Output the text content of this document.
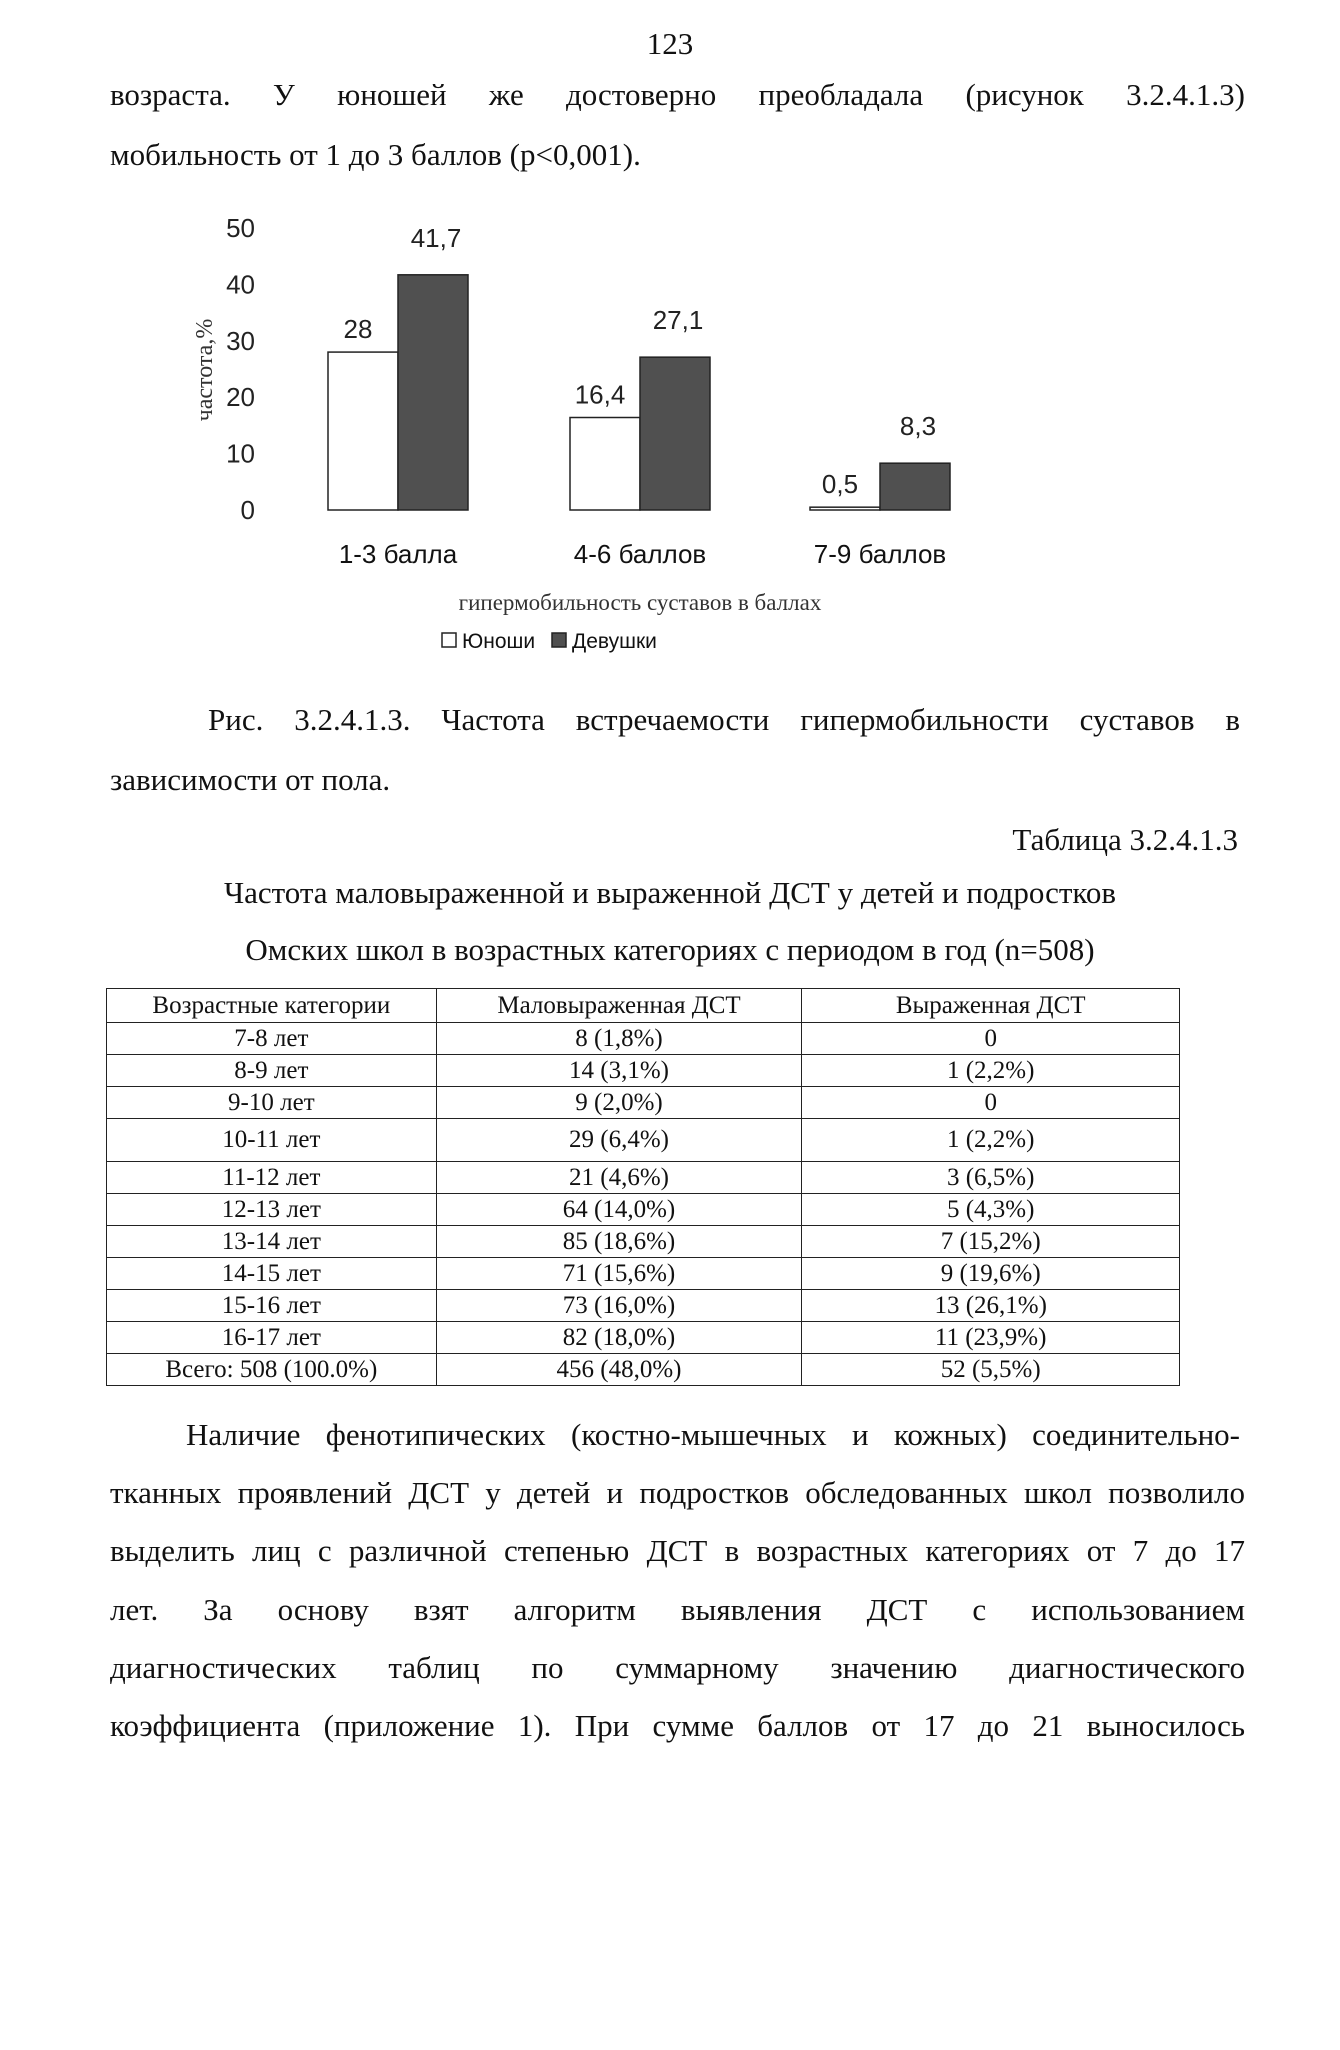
123
возраста. У юношей же достоверно преобладала (рисунок 3.2.4.1.3)
мобильность от 1 до 3 баллов (p<0,001).
0
10
20
30
40
50
частота,%	28
41,7
1-3 балла
16,4
27,1
4-6 баллов
0,5
8,3
7-9 баллов
гипермобильность суставов в баллах
Юноши Девушки
Рис. 3.2.4.1.3. Частота встречаемости гипермобильности суставов в
зависимости от пола.
Таблица 3.2.4.1.3
Частота маловыраженной и выраженной ДСТ у детей и подростков
Омских школ в возрастных категориях с периодом в год (n=508)
Возрастные категории	Маловыраженная ДСТ	Выраженная ДСТ
7-8 лет	8 (1,8%)	0
8-9 лет	14 (3,1%)	1 (2,2%)
9-10 лет	9 (2,0%)	0
10-11 лет	29 (6,4%)	1 (2,2%)
11-12 лет	21 (4,6%)	3 (6,5%)
12-13 лет	64 (14,0%)	5 (4,3%)
13-14 лет	85 (18,6%)	7 (15,2%)
14-15 лет	71 (15,6%)	9 (19,6%)
15-16 лет	73 (16,0%)	13 (26,1%)
16-17 лет	82 (18,0%)	11 (23,9%)
Всего: 508 (100.0%)	456 (48,0%)	52 (5,5%)
Наличие фенотипических (костно-мышечных и кожных) соединительно-
тканных проявлений ДСТ у детей и подростков обследованных школ позволило
выделить лиц с различной степенью ДСТ в возрастных категориях от 7 до 17
лет. За основу взят алгоритм выявления ДСТ с использованием
диагностических таблиц по суммарному значению диагностического
коэффициента (приложение 1). При сумме баллов от 17 до 21 выносилось
